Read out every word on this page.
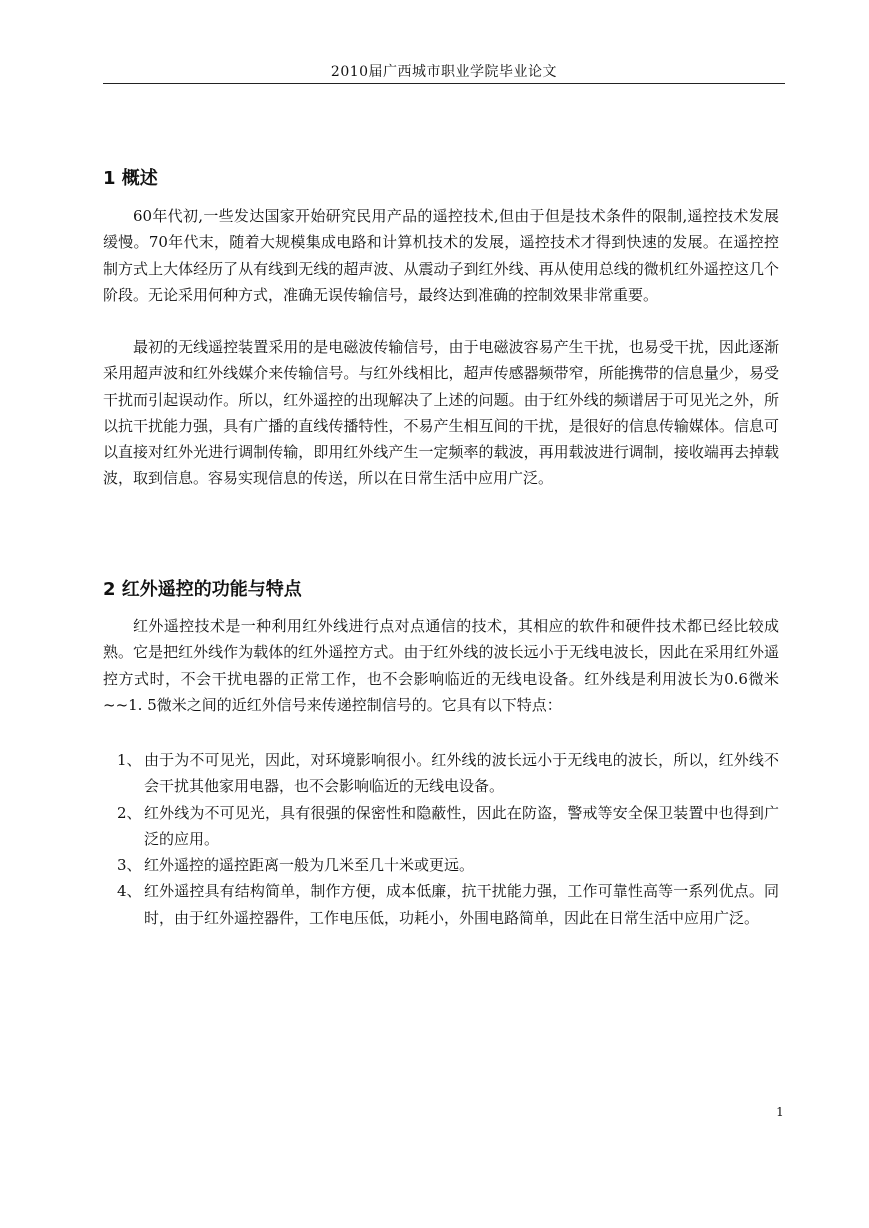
2010届广西城市职业学院毕业论文
1 概述

60年代初,一些发达国家开始研究民用产品的遥控技术,但由于但是技术条件的限制,遥控技术发展缓慢。70年代末，随着大规模集成电路和计算机技术的发展，遥控技术才得到快速的发展。在遥控控制方式上大体经历了从有线到无线的超声波、从震动子到红外线、再从使用总线的微机红外遥控这几个阶段。无论采用何种方式，准确无误传输信号，最终达到准确的控制效果非常重要。

最初的无线遥控装置采用的是电磁波传输信号，由于电磁波容易产生干扰，也易受干扰，因此逐渐采用超声波和红外线媒介来传输信号。与红外线相比，超声传感器频带窄，所能携带的信息量少，易受干扰而引起误动作。所以，红外遥控的出现解决了上述的问题。由于红外线的频谱居于可见光之外，所以抗干扰能力强，具有广播的直线传播特性，不易产生相互间的干扰，是很好的信息传输媒体。信息可以直接对红外光进行调制传输，即用红外线产生一定频率的载波，再用载波进行调制，接收端再去掉载波，取到信息。容易实现信息的传送，所以在日常生活中应用广泛。

2 红外遥控的功能与特点

红外遥控技术是一种利用红外线进行点对点通信的技术，其相应的软件和硬件技术都已经比较成熟。它是把红外线作为载体的红外遥控方式。由于红外线的波长远小于无线电波长，因此在采用红外遥控方式时，不会干扰电器的正常工作，也不会影响临近的无线电设备。红外线是利用波长为0.6微米~~1. 5微米之间的近红外信号来传递控制信号的。它具有以下特点：

1、 由于为不可见光，因此，对环境影响很小。红外线的波长远小于无线电的波长，所以，红外线不会干扰其他家用电器，也不会影响临近的无线电设备。
2、 红外线为不可见光，具有很强的保密性和隐蔽性，因此在防盗，警戒等安全保卫装置中也得到广泛的应用。
3、 红外遥控的遥控距离一般为几米至几十米或更远。
4、 红外遥控具有结构简单，制作方便，成本低廉，抗干扰能力强，工作可靠性高等一系列优点。同时，由于红外遥控器件，工作电压低，功耗小，外围电路简单，因此在日常生活中应用广泛。
1
